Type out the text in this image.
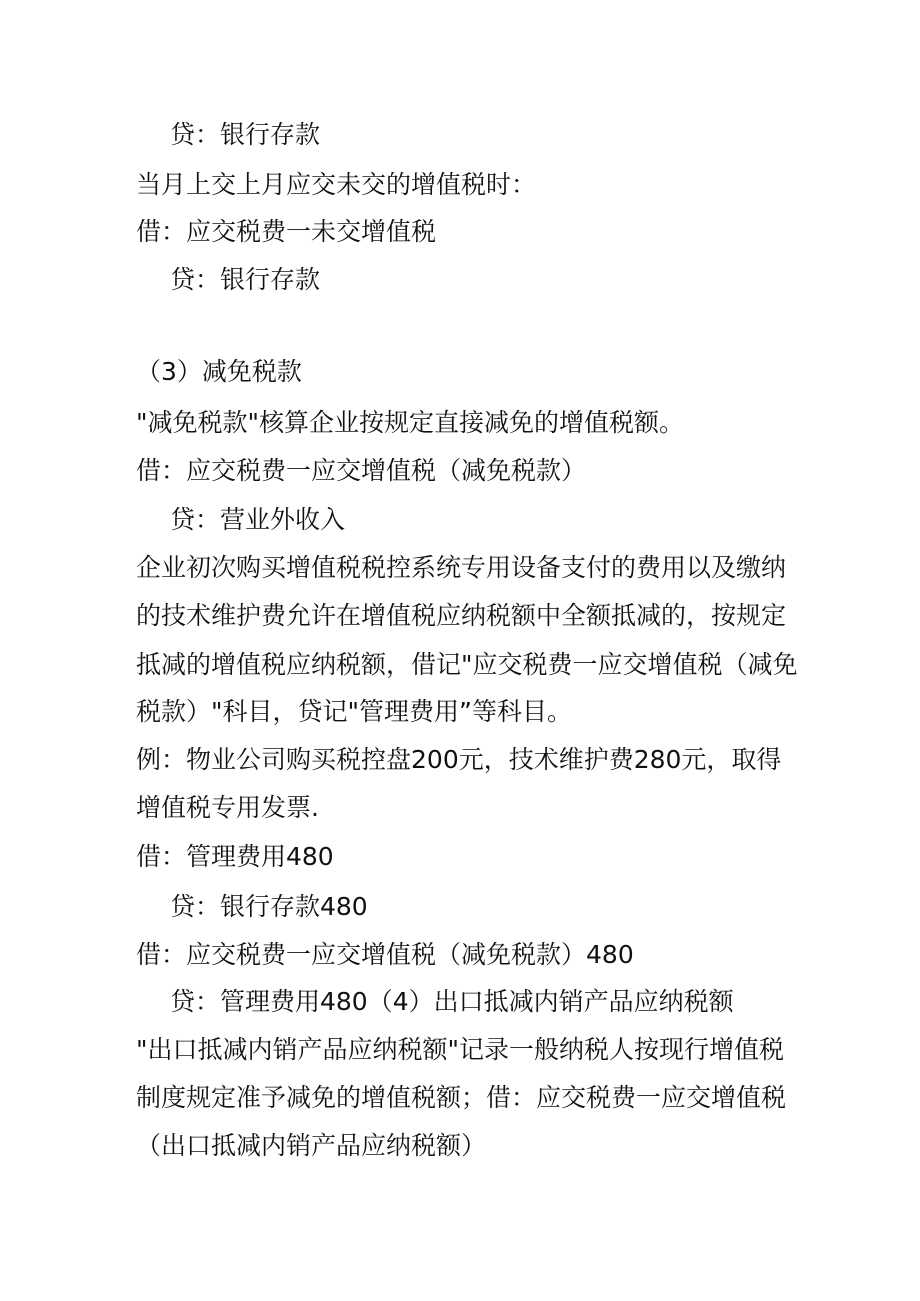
贷：银行存款
当月上交上月应交未交的增值税时：
借：应交税费一未交增值税
贷：银行存款
（3）减免税款
"减免税款"核算企业按规定直接减免的增值税额。
借：应交税费一应交增值税（减免税款）
贷：营业外收入
企业初次购买增值税税控系统专用设备支付的费用以及缴纳
的技术维护费允许在增值税应纳税额中全额抵减的，按规定
抵减的增值税应纳税额，借记"应交税费一应交增值税（减免
税款）"科目，贷记"管理费用”等科目。
例：物业公司购买税控盘200元，技术维护费280元，取得
增值税专用发票.
借：管理费用480
贷：银行存款480
借：应交税费一应交增值税（减免税款）480
贷：管理费用480（4）出口抵减内销产品应纳税额
"出口抵减内销产品应纳税额"记录一般纳税人按现行增值税
制度规定准予减免的增值税额；借：应交税费一应交增值税
（出口抵减内销产品应纳税额）
